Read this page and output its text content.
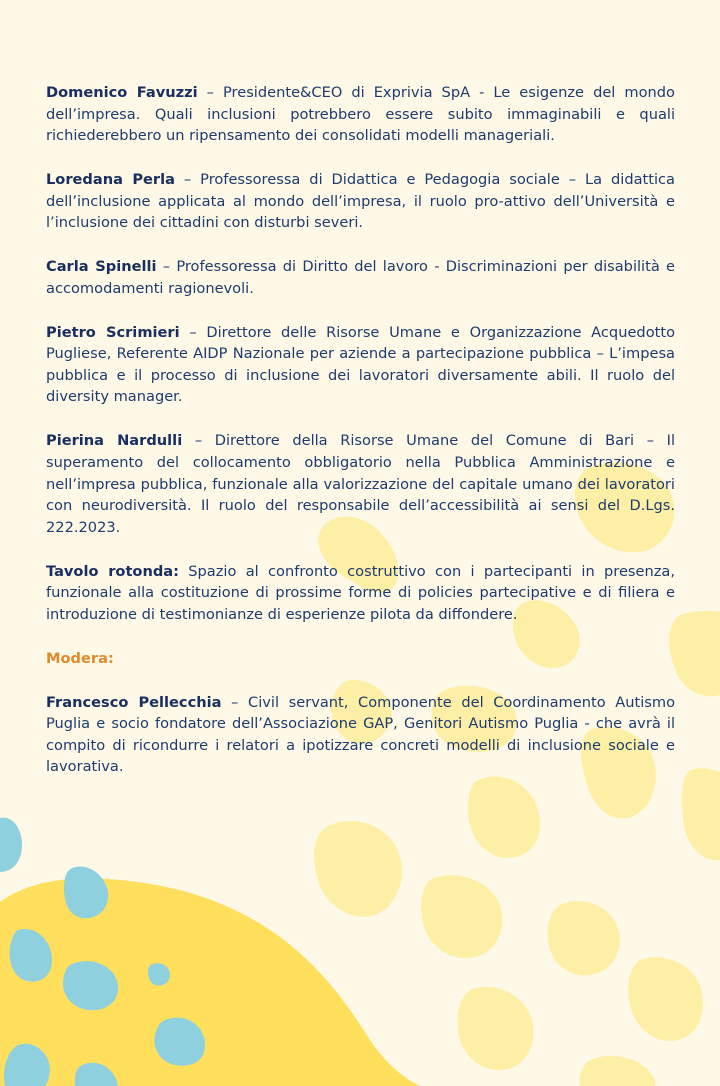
Domenico Favuzzi – Presidente&CEO di Exprivia SpA - Le esigenze del mondo dell’impresa. Quali inclusioni potrebbero essere subito immaginabili e quali richiederebbero un ripensamento dei consolidati modelli manageriali.

Loredana Perla – Professoressa di Didattica e Pedagogia sociale – La didattica dell’inclusione applicata al mondo dell’impresa, il ruolo pro-attivo dell’Università e l’inclusione dei cittadini con disturbi severi.

Carla Spinelli – Professoressa di Diritto del lavoro - Discriminazioni per disabilità e accomodamenti ragionevoli.

Pietro Scrimieri – Direttore delle Risorse Umane e Organizzazione Acquedotto Pugliese, Referente AIDP Nazionale per aziende a partecipazione pubblica – L’impesa pubblica e il processo di inclusione dei lavoratori diversamente abili. Il ruolo del diversity manager.

Pierina Nardulli – Direttore della Risorse Umane del Comune di Bari – Il superamento del collocamento obbligatorio nella Pubblica Amministrazione e nell’impresa pubblica, funzionale alla valorizzazione del capitale umano dei lavoratori con neurodiversità. Il ruolo del responsabile dell’accessibilità ai sensi del D.Lgs. 222.2023.

Tavolo rotonda: Spazio al confronto costruttivo con i partecipanti in presenza, funzionale alla costituzione di prossime forme di policies partecipative e di filiera e introduzione di testimonianze di esperienze pilota da diffondere.

Modera:

Francesco Pellecchia – Civil servant, Componente del Coordinamento Autismo Puglia e socio fondatore dell’Associazione GAP, Genitori Autismo Puglia - che avrà il compito di ricondurre i relatori a ipotizzare concreti modelli di inclusione sociale e lavorativa.
